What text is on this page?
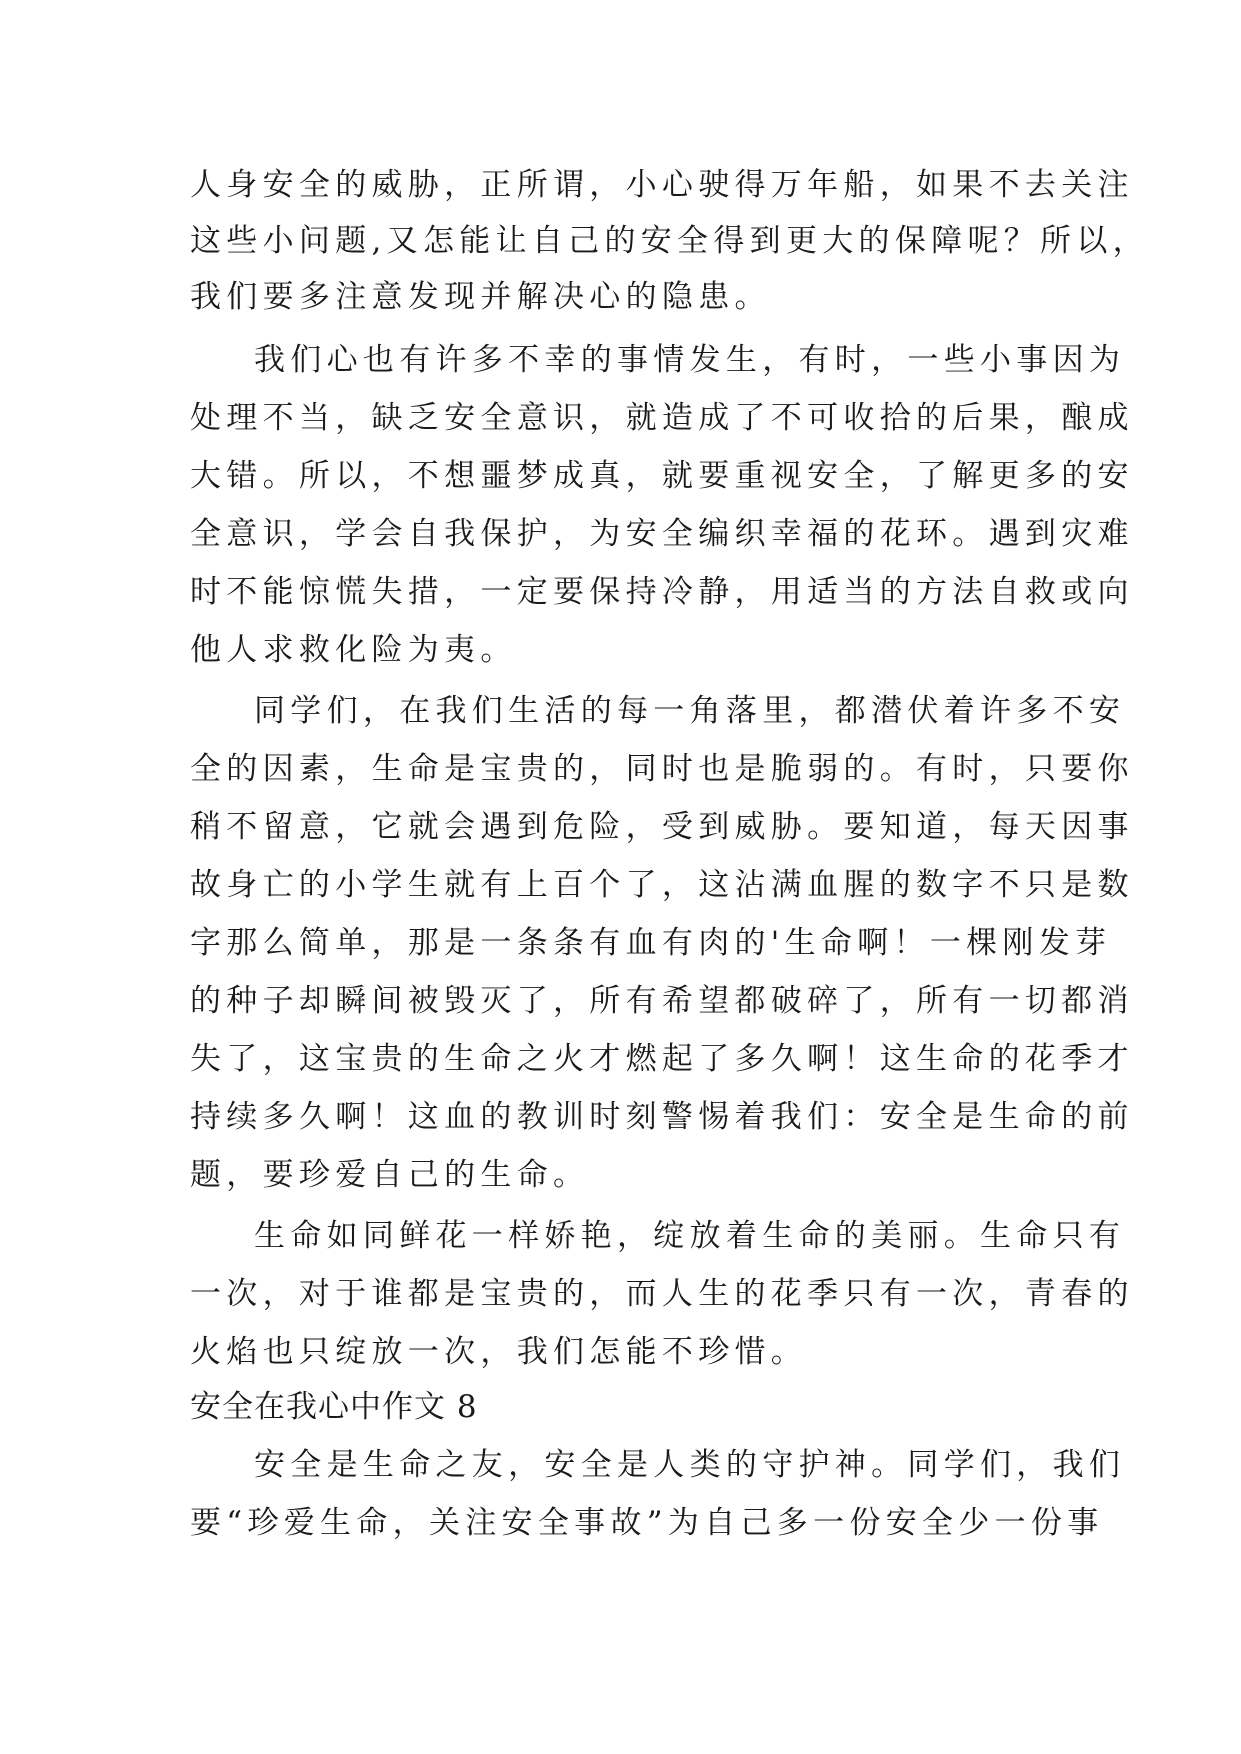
人身安全的威胁，正所谓，小心驶得万年船，如果不去关注
这些小问题,又怎能让自己的安全得到更大的保障呢？所以，
我们要多注意发现并解决心的隐患。
我们心也有许多不幸的事情发生，有时，一些小事因为
处理不当，缺乏安全意识，就造成了不可收拾的后果，酿成
大错。所以，不想噩梦成真，就要重视安全，了解更多的安
全意识，学会自我保护，为安全编织幸福的花环。遇到灾难
时不能惊慌失措，一定要保持冷静，用适当的方法自救或向
他人求救化险为夷。
同学们，在我们生活的每一角落里，都潜伏着许多不安
全的因素，生命是宝贵的，同时也是脆弱的。有时，只要你
稍不留意，它就会遇到危险，受到威胁。要知道，每天因事
故身亡的小学生就有上百个了，这沾满血腥的数字不只是数
字那么简单，那是一条条有血有肉的'生命啊！一棵刚发芽
的种子却瞬间被毁灭了，所有希望都破碎了，所有一切都消
失了，这宝贵的生命之火才燃起了多久啊！这生命的花季才
持续多久啊！这血的教训时刻警惕着我们：安全是生命的前
题，要珍爱自己的生命。
生命如同鲜花一样娇艳，绽放着生命的美丽。生命只有
一次，对于谁都是宝贵的，而人生的花季只有一次，青春的
火焰也只绽放一次，我们怎能不珍惜。
安全在我心中作文 8
安全是生命之友，安全是人类的守护神。同学们，我们
要“珍爱生命，关注安全事故”为自己多一份安全少一份事
